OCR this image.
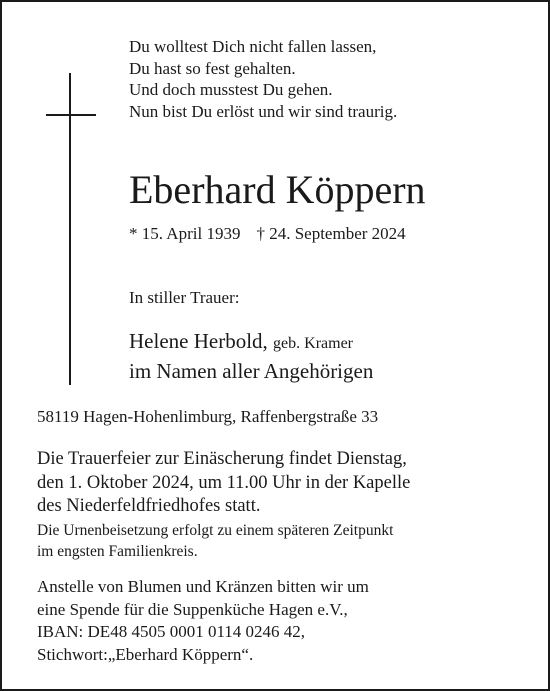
Du wolltest Dich nicht fallen lassen,
Du hast so fest gehalten.
Und doch musstest Du gehen.
Nun bist Du erlöst und wir sind traurig.
Eberhard Köppern
* 15. April 1939 † 24. September 2024
In stiller Trauer:
Helene Herbold, geb. Kramer
im Namen aller Angehörigen
58119 Hagen-Hohenlimburg, Raffenbergstraße 33
Die Trauerfeier zur Einäscherung findet Dienstag,
den 1. Oktober 2024, um 11.00 Uhr in der Kapelle
des Niederfeldfriedhofes statt.
Die Urnenbeisetzung erfolgt zu einem späteren Zeitpunkt
im engsten Familienkreis.
Anstelle von Blumen und Kränzen bitten wir um
eine Spende für die Suppenküche Hagen e.V.,
IBAN: DE48 4505 0001 0114 0246 42,
Stichwort:„Eberhard Köppern“.
